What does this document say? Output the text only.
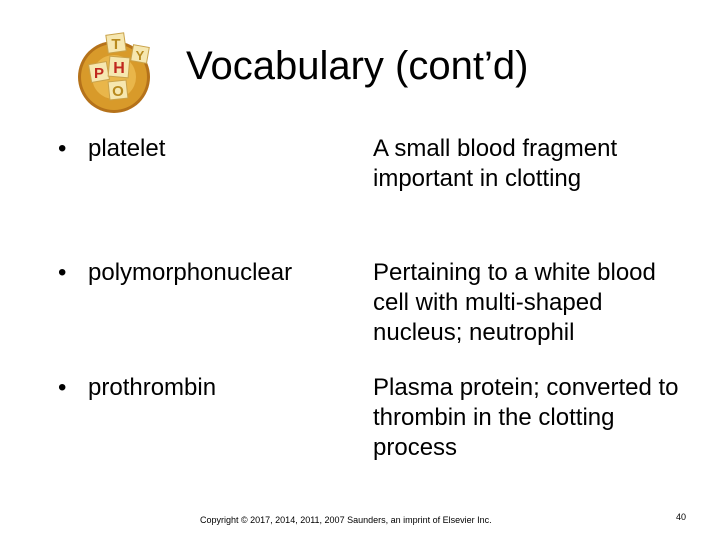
T
P H
Y
O
Vocabulary (cont’d)
• platelet	A small blood fragment
important in clotting
• polymorphonuclear	Pertaining to a white blood
cell with multi-shaped
nucleus; neutrophil
• prothrombin	Plasma protein; converted to
thrombin in the clotting
process
Copyright © 2017, 2014, 2011, 2007 Saunders, an imprint of Elsevier Inc.	40
